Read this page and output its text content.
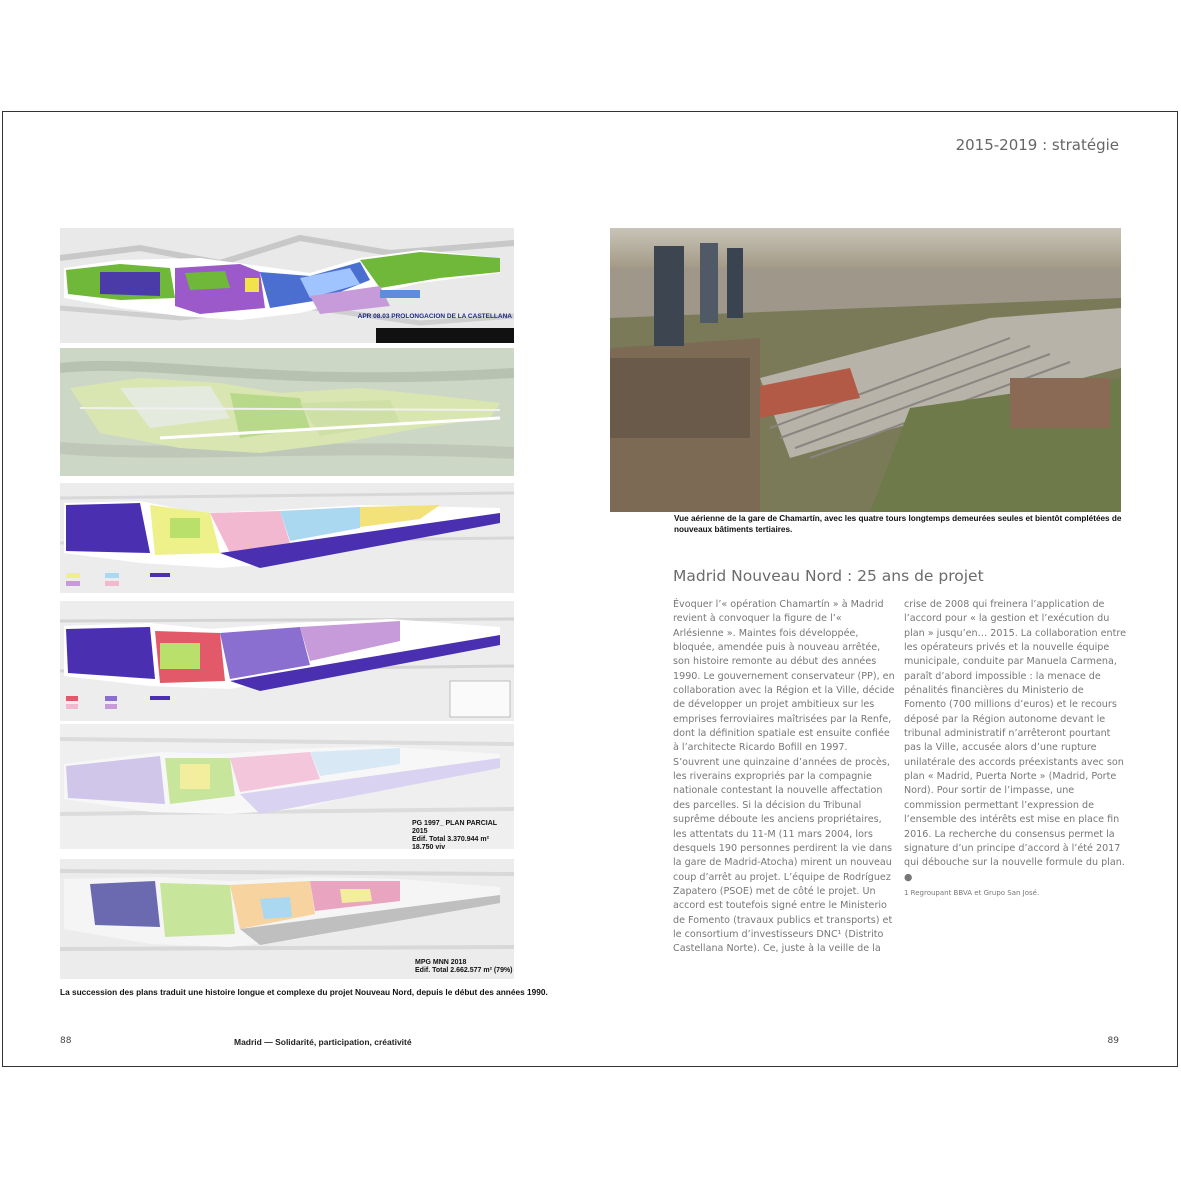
2015-2019 : stratégie
APR 08.03 PROLONGACION DE LA CASTELLANA
PG 1997_ PLAN PARCIAL 2015
Edif. Total 3.370.944 m²
18.750 viv
MPG MNN 2018
Edif. Total 2.662.577 m² (79%)
La succession des plans traduit une histoire longue et complexe du projet Nouveau Nord, depuis le début des années 1990.
Vue aérienne de la gare de Chamartín, avec les quatre tours longtemps demeurées seules et bientôt complétées de nouveaux bâtiments tertiaires.
Madrid Nouveau Nord : 25 ans de projet

Évoquer l’« opération Chamartín » à Madrid revient à convoquer la figure de l’« Arlésienne ». Maintes fois développée, bloquée, amendée puis à nouveau arrêtée, son histoire remonte au début des années 1990. Le gouvernement conservateur (PP), en collaboration avec la Région et la Ville, décide de développer un projet ambitieux sur les emprises ferroviaires maîtrisées par la Renfe, dont la définition spatiale est ensuite confiée à l’architecte Ricardo Bofill en 1997. S’ouvrent une quinzaine d’années de procès, les riverains expropriés par la compagnie nationale contestant la nouvelle affectation des parcelles. Si la décision du Tribunal suprême déboute les anciens propriétaires, les attentats du 11-M (11 mars 2004, lors desquels 190 personnes perdirent la vie dans la gare de Madrid-Atocha) mirent un nouveau coup d’arrêt au projet. L’équipe de Rodríguez Zapatero (PSOE) met de côté le projet. Un accord est toutefois signé entre le Ministerio de Fomento (travaux publics et transports) et le consortium d’investisseurs DNC¹ (Distrito Castellana Norte). Ce, juste à la veille de la

crise de 2008 qui freinera l’application de l’accord pour « la gestion et l’exécution du plan » jusqu’en… 2015. La collaboration entre les opérateurs privés et la nouvelle équipe municipale, conduite par Manuela Carmena, paraît d’abord impossible : la menace de pénalités financières du Ministerio de Fomento (700 millions d’euros) et le recours déposé par la Région autonome devant le tribunal administratif n’arrêteront pourtant pas la Ville, accusée alors d’une rupture unilatérale des accords préexistants avec son plan « Madrid, Puerta Norte » (Madrid, Porte Nord). Pour sortir de l’impasse, une commission permettant l’expression de l’ensemble des intérêts est mise en place fin 2016. La recherche du consensus permet la signature d’un principe d’accord à l’été 2017 qui débouche sur la nouvelle formule du plan. ●

1 Regroupant BBVA et Grupo San José.
88	Madrid — Solidarité, participation, créativité	89
